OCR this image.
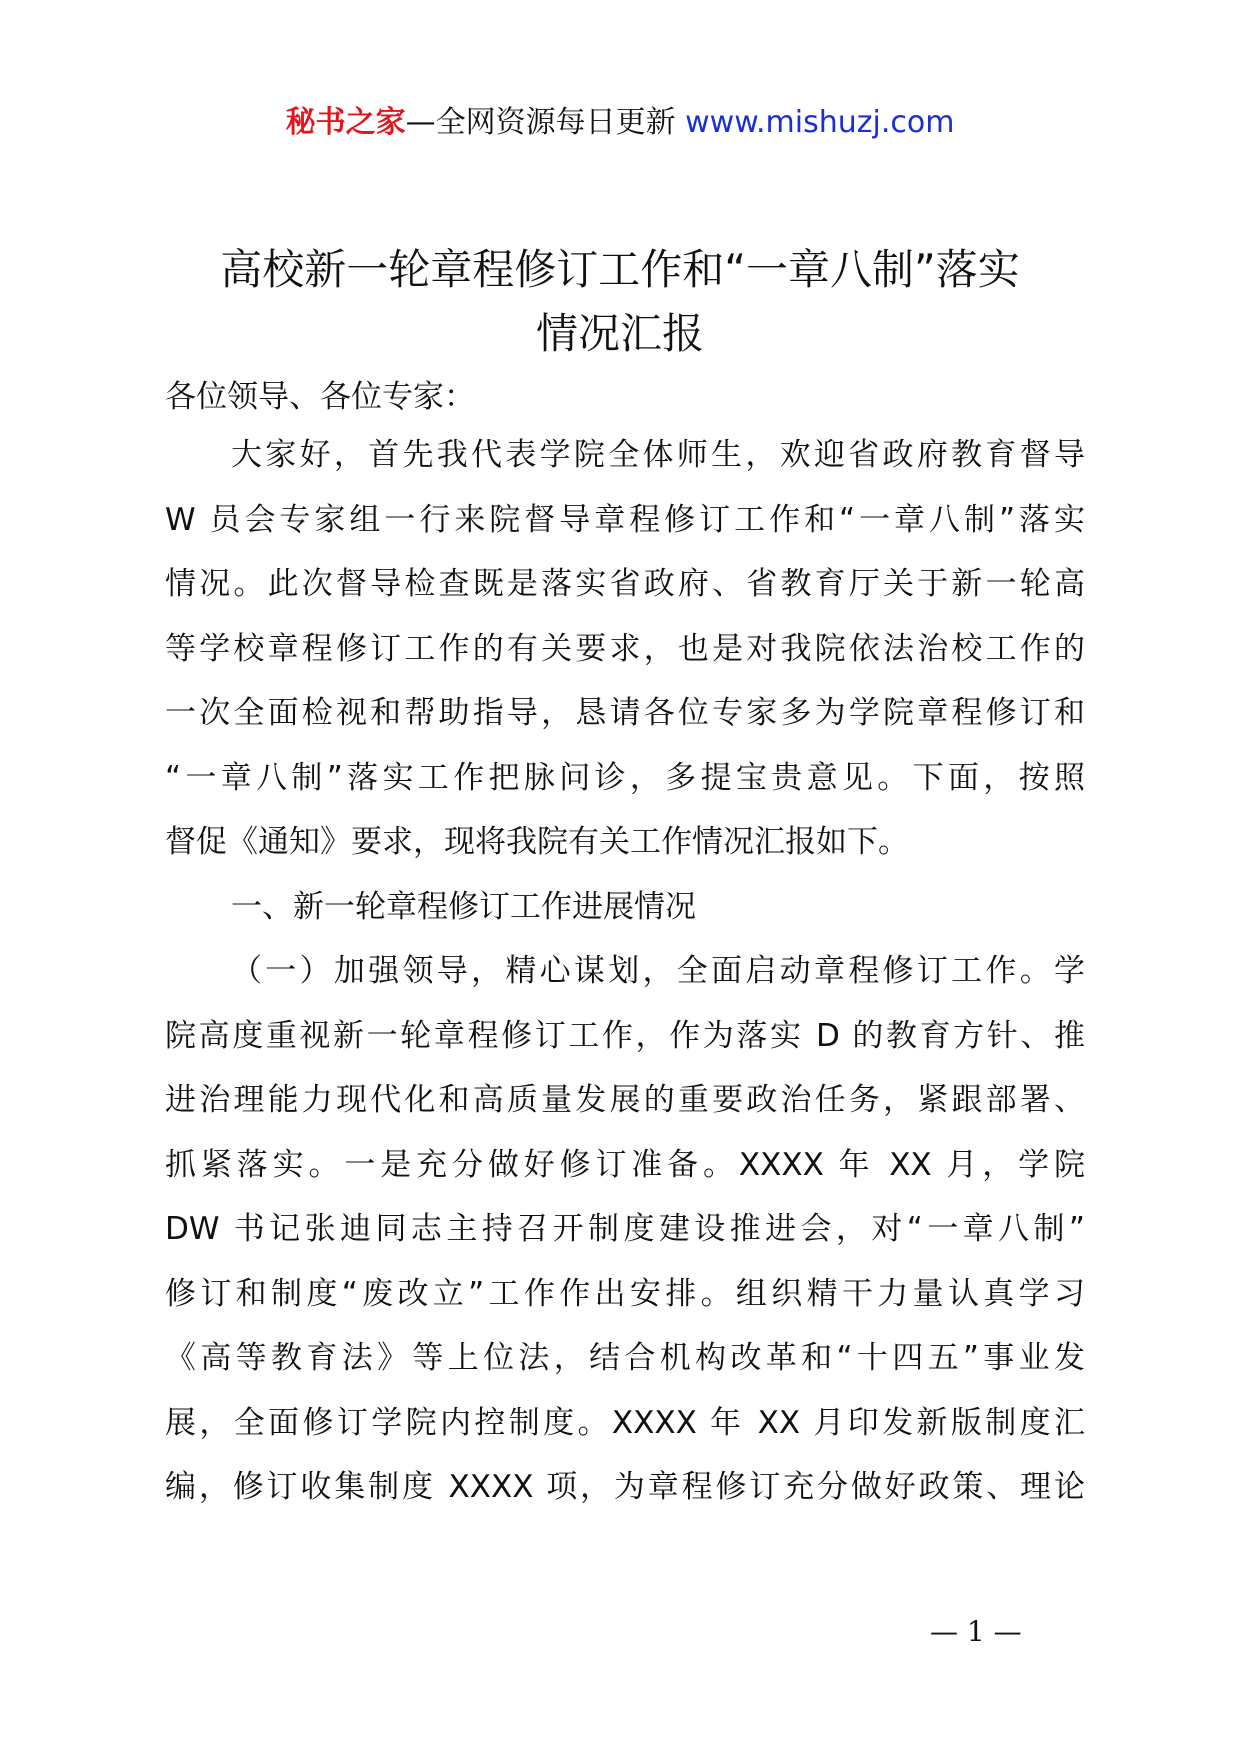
秘书之家—全网资源每日更新 www.mishuzj.com
高校新一轮章程修订工作和“一章八制”落实
情况汇报

各位领导、各位专家：

大家好，首先我代表学院全体师生，欢迎省政府教育督导
W 员会专家组一行来院督导章程修订工作和“一章八制”落实
情况。此次督导检查既是落实省政府、省教育厅关于新一轮高
等学校章程修订工作的有关要求，也是对我院依法治校工作的
一次全面检视和帮助指导，恳请各位专家多为学院章程修订和
“一章八制”落实工作把脉问诊，多提宝贵意见。下面，按照
督促《通知》要求，现将我院有关工作情况汇报如下。
一、新一轮章程修订工作进展情况
（一）加强领导，精心谋划，全面启动章程修订工作。学
院高度重视新一轮章程修订工作，作为落实 D 的教育方针、推
进治理能力现代化和高质量发展的重要政治任务，紧跟部署、
抓紧落实。一是充分做好修订准备。XXXX 年 XX 月，学院
DW 书记张迪同志主持召开制度建设推进会，对“一章八制”
修订和制度“废改立”工作作出安排。组织精干力量认真学习
《高等教育法》等上位法，结合机构改革和“十四五”事业发
展，全面修订学院内控制度。XXXX 年 XX 月印发新版制度汇
编，修订收集制度 XXXX 项，为章程修订充分做好政策、理论
— 1 —
